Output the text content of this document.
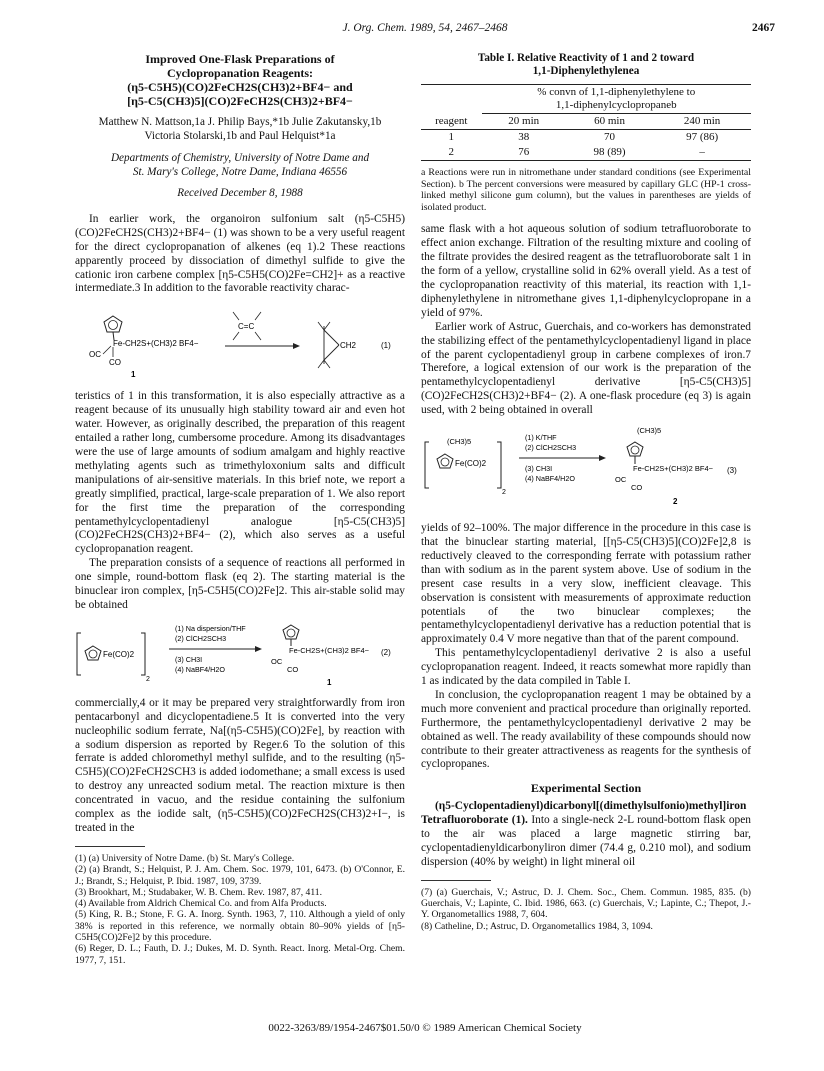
J. Org. Chem. 1989, 54, 2467–2468	2467
Improved One-Flask Preparations of
Cyclopropanation Reagents:
(η5-C5H5)(CO)2FeCH2S(CH3)2+BF4− and
[η5-C5(CH3)5](CO)2FeCH2S(CH3)2+BF4−
Matthew N. Mattson,1a J. Philip Bays,*1b Julie Zakutansky,1b
Victoria Stolarski,1b and Paul Helquist*1a
Departments of Chemistry, University of Notre Dame and
St. Mary's College, Notre Dame, Indiana 46556
Received December 8, 1988

In earlier work, the organoiron sulfonium salt (η5-C5H5)(CO)2FeCH2S(CH3)2+BF4− (1) was shown to be a very useful reagent for the direct cyclopropanation of alkenes (eq 1).2 These reactions apparently proceed by dissociation of dimethyl sulfide to give the cationic iron carbene complex [η5-C5H5(CO)2Fe=CH2]+ as a reactive intermediate.3 In addition to the favorable reactivity charac-

Fe-CH2S+(CH3)2 BF4−
OC
CO
1
C=C
CH2	(1)

teristics of 1 in this transformation, it is also especially attractive as a reagent because of its unusually high stability toward air and even hot water. However, as originally described, the preparation of this reagent entailed a rather long, cumbersome procedure. Among its disadvantages were the use of large amounts of sodium amalgam and highly reactive methylating agents such as trimethyloxonium salts and difficult manipulations of air-sensitive materials. In this brief note, we report a greatly simplified, practical, large-scale preparation of 1. We also report for the first time the preparation of the corresponding pentamethylcyclopentadienyl analogue [η5-C5(CH3)5](CO)2FeCH2S(CH3)2+BF4− (2), which also serves as a useful cyclopropanation reagent.

The preparation consists of a sequence of reactions all performed in one simple, round-bottom flask (eq 2). The starting material is the binuclear iron complex, [η5-C5H5(CO)2Fe]2. This air-stable solid may be obtained

Fe(CO)2
2
(1) Na dispersion/THF
(2) ClCH2SCH3
(3) CH3I
(4) NaBF4/H2O
Fe-CH2S+(CH3)2 BF4−
OC
CO
1
(2)

commercially,4 or it may be prepared very straightforwardly from iron pentacarbonyl and dicyclopentadiene.5 It is converted into the very nucleophilic sodium ferrate, Na[(η5-C5H5)(CO)2Fe], by reaction with a sodium dispersion as reported by Reger.6 To the solution of this ferrate is added chloromethyl methyl sulfide, and to the resulting (η5-C5H5)(CO)2FeCH2SCH3 is added iodomethane; a small excess is used to destroy any unreacted sodium metal. The reaction mixture is then concentrated in vacuo, and the residue containing the sulfonium complex as the iodide salt, (η5-C5H5)(CO)2FeCH2S(CH3)2+I−, is treated in the

(1) (a) University of Notre Dame. (b) St. Mary's College.
(2) (a) Brandt, S.; Helquist, P. J. Am. Chem. Soc. 1979, 101, 6473. (b) O'Connor, E. J.; Brandt, S.; Helquist, P. Ibid. 1987, 109, 3739.
(3) Brookhart, M.; Studabaker, W. B. Chem. Rev. 1987, 87, 411.
(4) Available from Aldrich Chemical Co. and from Alfa Products.
(5) King, R. B.; Stone, F. G. A. Inorg. Synth. 1963, 7, 110. Although a yield of only 38% is reported in this reference, we normally obtain 80–90% yields of [η5-C5H5(CO)2Fe]2 by this procedure.
(6) Reger, D. L.; Fauth, D. J.; Dukes, M. D. Synth. React. Inorg. Metal-Org. Chem. 1977, 7, 151.
Table I. Relative Reactivity of 1 and 2 toward
1,1-Diphenylethylenea

	% convn of 1,1-diphenylethylene to
1,1-diphenylcyclopropaneb		

reagent	20 min	60 min	240 min
1	38	70	97 (86)
2	76	98 (89)	–
a Reactions were run in nitromethane under standard conditions (see Experimental Section). b The percent conversions were measured by capillary GLC (HP-1 cross-linked methyl silicone gum column), but the values in parentheses are yields of isolated product.

same flask with a hot aqueous solution of sodium tetrafluoroborate to effect anion exchange. Filtration of the resulting mixture and cooling of the filtrate provides the desired reagent as the tetrafluoroborate salt 1 in the form of a yellow, crystalline solid in 62% overall yield. As a test of the cyclopropanation reactivity of this material, its reaction with 1,1-diphenylethylene in nitromethane gives 1,1-diphenylcyclopropane in a yield of 97%.

Earlier work of Astruc, Guerchais, and co-workers has demonstrated the stabilizing effect of the pentamethylcyclopentadienyl ligand in place of the parent cyclopentadienyl group in carbene complexes of iron.7 Therefore, a logical extension of our work is the preparation of the pentamethylcyclopentadienyl derivative [η5-C5(CH3)5](CO)2FeCH2S(CH3)2+BF4− (2). A one-flask procedure (eq 3) is again used, with 2 being obtained in overall

(CH3)5
Fe(CO)2
2
(1) K/THF
(2) ClCH2SCH3
(3) CH3I
(4) NaBF4/H2O
(CH3)5
Fe-CH2S+(CH3)2 BF4−
OC
CO
2
(3)

yields of 92–100%. The major difference in the procedure in this case is that the binuclear starting material, [[η5-C5(CH3)5](CO)2Fe]2,8 is reductively cleaved to the corresponding ferrate with potassium rather than with sodium as in the parent system above. Use of sodium in the present case results in a very slow, inefficient cleavage. This observation is consistent with measurements of approximate reduction potentials of the two binuclear complexes; the pentamethylcyclopentadienyl derivative has a reduction potential that is approximately 0.4 V more negative than that of the parent compound.

This pentamethylcyclopentadienyl derivative 2 is also a useful cyclopropanation reagent. Indeed, it reacts somewhat more rapidly than 1 as indicated by the data compiled in Table I.

In conclusion, the cyclopropanation reagent 1 may be obtained by a much more convenient and practical procedure than originally reported. Furthermore, the pentamethylcyclopentadienyl derivative 2 may be obtained as well. The ready availability of these compounds should now contribute to their greater attractiveness as reagents for the synthesis of cyclopropanes.

Experimental Section

(η5-Cyclopentadienyl)dicarbonyl[(dimethylsulfonio)methyl]iron Tetrafluoroborate (1). Into a single-neck 2-L round-bottom flask open to the air was placed a large magnetic stirring bar, cyclopentadienyldicarbonyliron dimer (74.4 g, 0.210 mol), and sodium dispersion (40% by weight) in light mineral oil

(7) (a) Guerchais, V.; Astruc, D. J. Chem. Soc., Chem. Commun. 1985, 835. (b) Guerchais, V.; Lapinte, C. Ibid. 1986, 663. (c) Guerchais, V.; Lapinte, C.; Thepot, J.-Y. Organometallics 1988, 7, 604.
(8) Catheline, D.; Astruc, D. Organometallics 1984, 3, 1094.
0022-3263/89/1954-2467$01.50/0 © 1989 American Chemical Society
